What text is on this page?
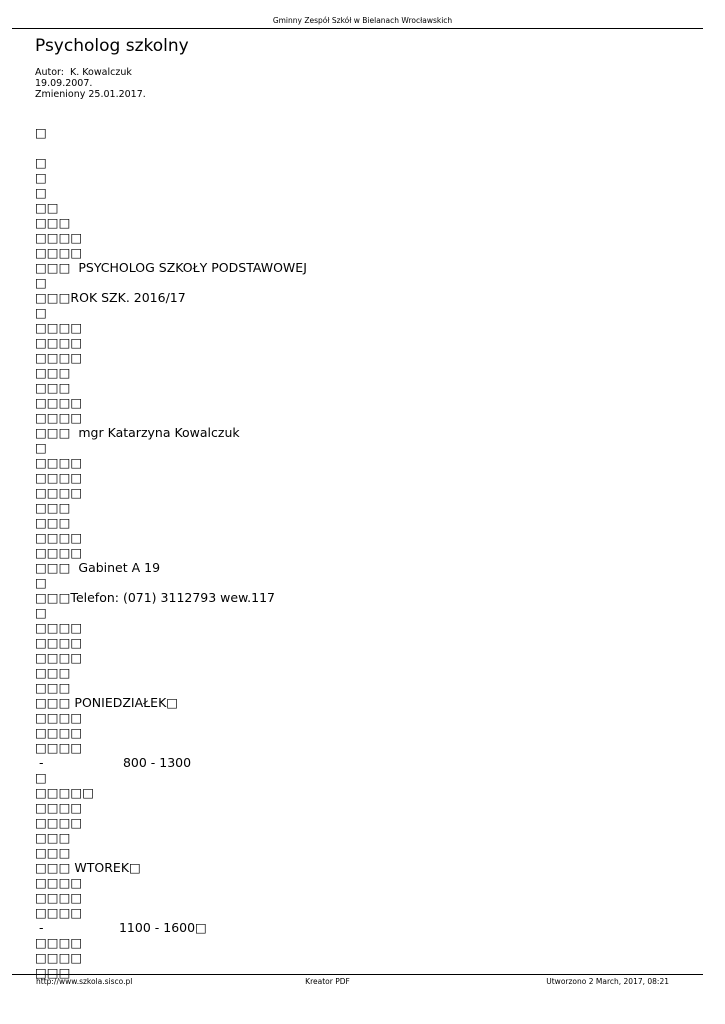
Gminny Zespół Szkół w Bielanach Wrocławskich
Psycholog szkolny
Autor:  K. Kowalczuk
19.09.2007.
Zmieniony 25.01.2017.
□
□
□
□
□□
□□□
□□□□
□□□□
□□□  PSYCHOLOG SZKOŁY PODSTAWOWEJ
□
□□□ROK SZK. 2016/17
□
□□□□
□□□□
□□□□
□□□
□□□
□□□□
□□□□
□□□  mgr Katarzyna Kowalczuk
□
□□□□
□□□□
□□□□
□□□
□□□
□□□□
□□□□
□□□  Gabinet A 19
□
□□□Telefon: (071) 3112793 wew.117
□
□□□□
□□□□
□□□□
□□□
□□□
□□□ PONIEDZIAŁEK□
□□□□
□□□□
□□□□
-                    800 - 1300
□
□□□□□
□□□□
□□□□
□□□
□□□
□□□ WTOREK□
□□□□
□□□□
□□□□
-                   1100 - 1600□
□□□□
□□□□
□□□
http://www.szkola.sisco.pl	Kreator PDF	Utworzono 2 March, 2017, 08:21
